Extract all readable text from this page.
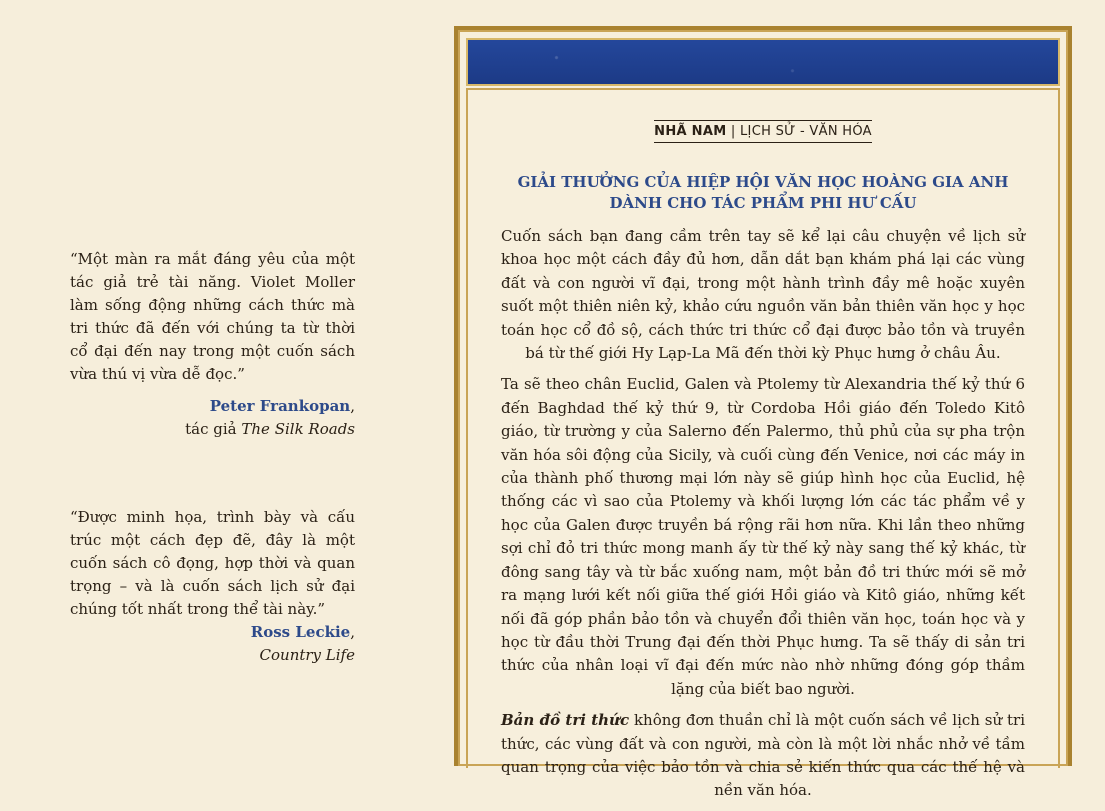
“Một màn ra mắt đáng yêu của một tác giả trẻ tài năng. Violet Moller làm sống động những cách thức mà tri thức đã đến với chúng ta từ thời cổ đại đến nay trong một cuốn sách vừa thú vị vừa dễ đọc.”

Peter Frankopan,
tác giả The Silk Roads

“Được minh họa, trình bày và cấu trúc một cách đẹp đẽ, đây là một cuốn sách cô đọng, hợp thời và quan trọng – và là cuốn sách lịch sử đại chúng tốt nhất trong thể tài này.”

Ross Leckie,
Country Life

NHÃ NAM | LỊCH SỬ - VĂN HÓA
GIẢI THƯỞNG CỦA HIỆP HỘI VĂN HỌC HOÀNG GIA ANH
DÀNH CHO TÁC PHẨM PHI HƯ CẤU

Cuốn sách bạn đang cầm trên tay sẽ kể lại câu chuyện về lịch sử khoa học một cách đầy đủ hơn, dẫn dắt bạn khám phá lại các vùng đất và con người vĩ đại, trong một hành trình đầy mê hoặc xuyên suốt một thiên niên kỷ, khảo cứu nguồn văn bản thiên văn học y học toán học cổ đồ sộ, cách thức tri thức cổ đại được bảo tồn và truyền bá từ thế giới Hy Lạp-La Mã đến thời kỳ Phục hưng ở châu Âu.

Ta sẽ theo chân Euclid, Galen và Ptolemy từ Alexandria thế kỷ thứ 6 đến Baghdad thế kỷ thứ 9, từ Cordoba Hồi giáo đến Toledo Kitô giáo, từ trường y của Salerno đến Palermo, thủ phủ của sự pha trộn văn hóa sôi động của Sicily, và cuối cùng đến Venice, nơi các máy in của thành phố thương mại lớn này sẽ giúp hình học của Euclid, hệ thống các vì sao của Ptolemy và khối lượng lớn các tác phẩm về y học của Galen được truyền bá rộng rãi hơn nữa. Khi lần theo những sợi chỉ đỏ tri thức mong manh ấy từ thế kỷ này sang thế kỷ khác, từ đông sang tây và từ bắc xuống nam, một bản đồ tri thức mới sẽ mở ra mạng lưới kết nối giữa thế giới Hồi giáo và Kitô giáo, những kết nối đã góp phần bảo tồn và chuyển đổi thiên văn học, toán học và y học từ đầu thời Trung đại đến thời Phục hưng. Ta sẽ thấy di sản tri thức của nhân loại vĩ đại đến mức nào nhờ những đóng góp thầm lặng của biết bao người.

Bản đồ tri thức không đơn thuần chỉ là một cuốn sách về lịch sử tri thức, các vùng đất và con người, mà còn là một lời nhắc nhở về tầm quan trọng của việc bảo tồn và chia sẻ kiến thức qua các thế hệ và nền văn hóa.
